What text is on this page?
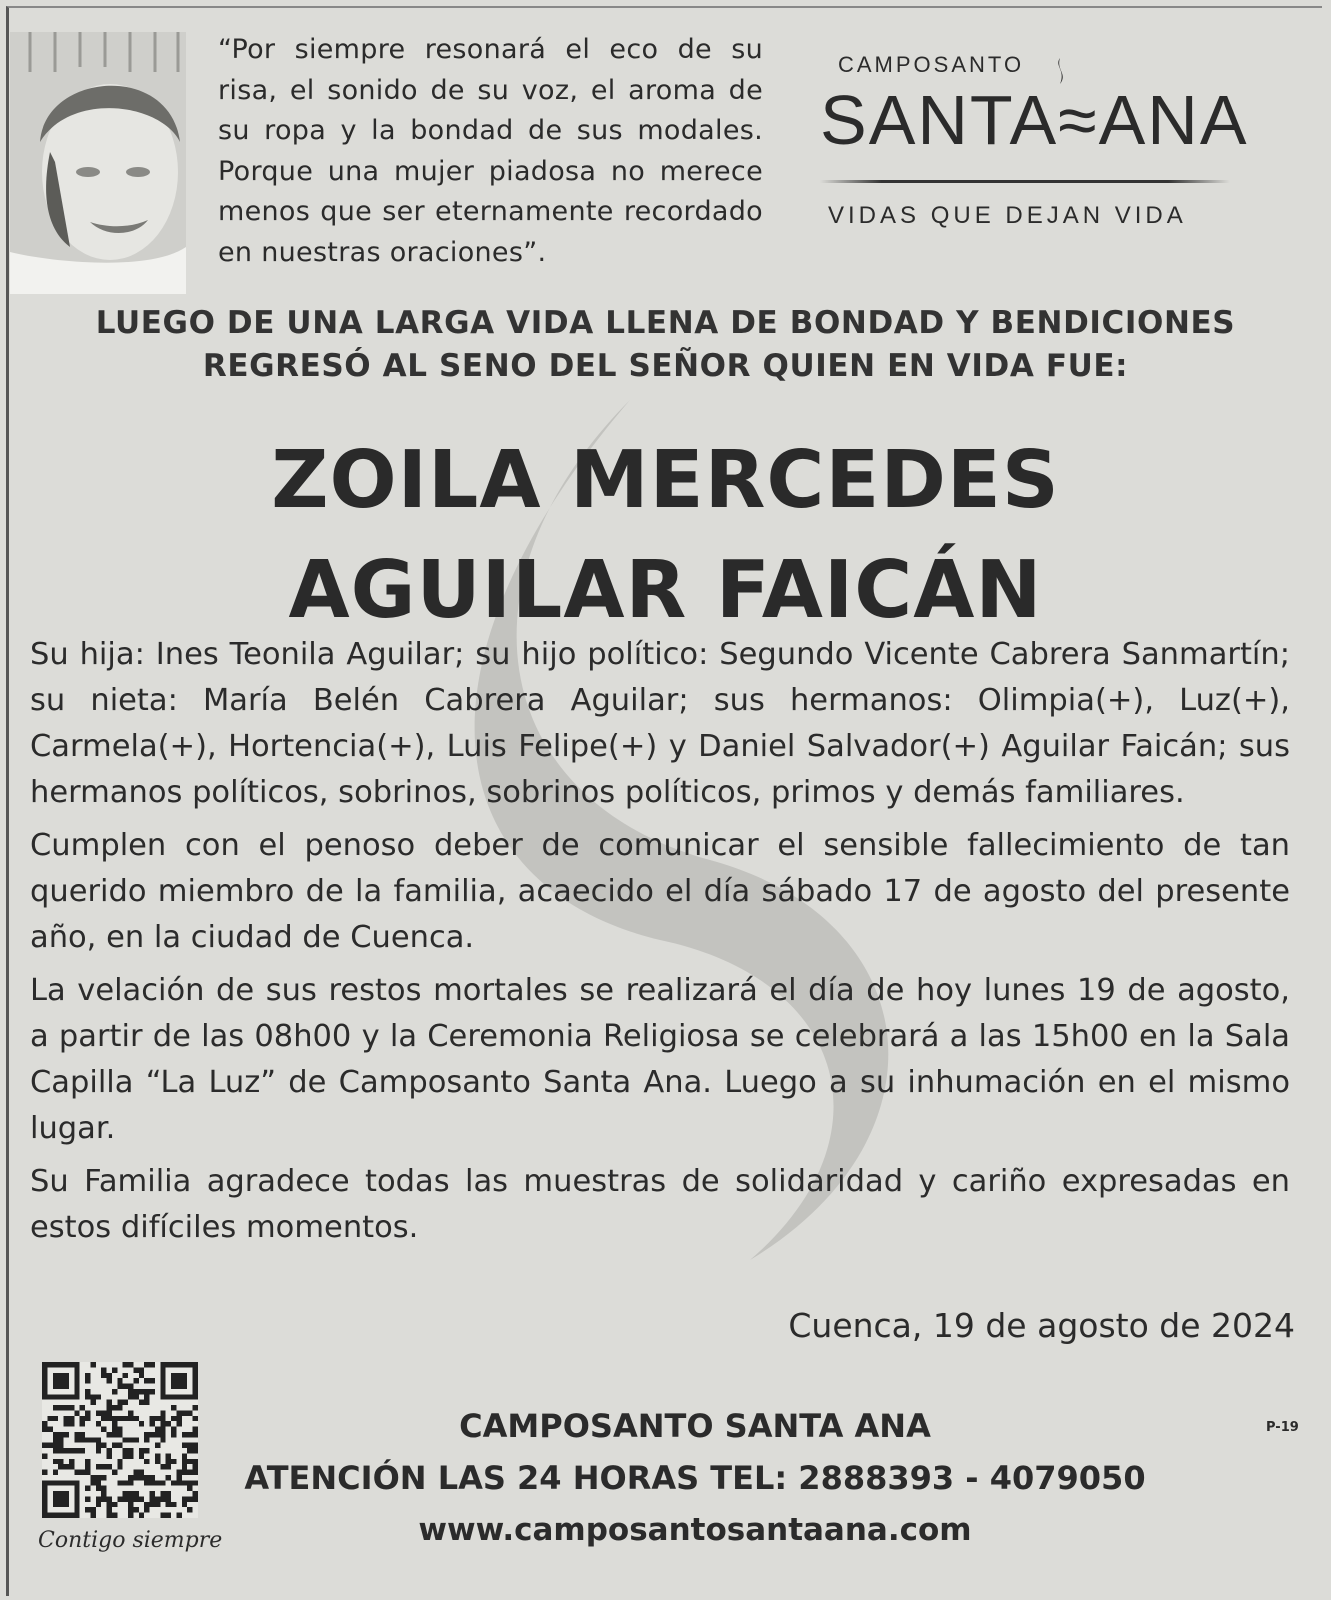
“Por siempre resonará el eco de su risa, el sonido de su voz, el aroma de su ropa y la bondad de sus modales. Porque una mujer piadosa no merece menos que ser eternamente recordado en nuestras oraciones”.

CAMPOSANTO
SANTA≈ANA
VIDAS QUE DEJAN VIDA

LUEGO DE UNA LARGA VIDA LLENA DE BONDAD Y BENDICIONES

REGRESÓ AL SENO DEL SEÑOR QUIEN EN VIDA FUE:

ZOILA MERCEDES

AGUILAR FAICÁN

Su hija: Ines Teonila Aguilar; su hijo político: Segundo Vicente Cabrera Sanmartín; su nieta: María Belén Cabrera Aguilar; sus hermanos: Olimpia(+), Luz(+), Carmela(+), Hortencia(+), Luis Felipe(+) y Daniel Salvador(+) Aguilar Faicán; sus hermanos políticos, sobrinos, sobrinos políticos, primos y demás familiares.

Cumplen con el penoso deber de comunicar el sensible fallecimiento de tan querido miembro de la familia, acaecido el día sábado 17 de agosto del presente año, en la ciudad de Cuenca.

La velación de sus restos mortales se realizará el día de hoy lunes 19 de agosto, a partir de las 08h00 y la Ceremonia Religiosa se celebrará a las 15h00 en la Sala Capilla “La Luz” de Camposanto Santa Ana. Luego a su inhumación en el mismo lugar.

Su Familia agradece todas las muestras de solidaridad y cariño expresadas en estos difíciles momentos.

Cuenca, 19 de agosto de 2024
Contigo siempre

CAMPOSANTO SANTA ANA

ATENCIÓN LAS 24 HORAS TEL: 2888393 - 4079050

www.camposantosantaana.com

P-19
